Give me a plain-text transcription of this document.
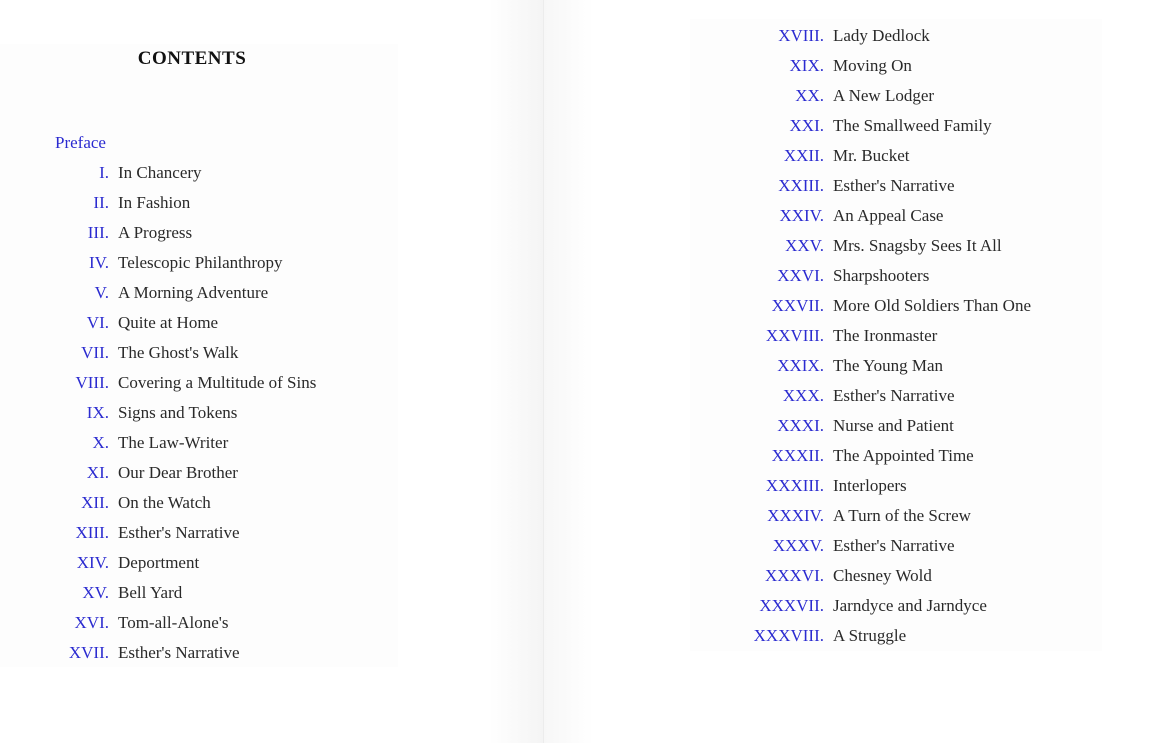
CONTENTS
Preface
I. In Chancery
II. In Fashion
III. A Progress
IV. Telescopic Philanthropy
V. A Morning Adventure
VI. Quite at Home
VII. The Ghost's Walk
VIII. Covering a Multitude of Sins
IX. Signs and Tokens
X. The Law-Writer
XI. Our Dear Brother
XII. On the Watch
XIII. Esther's Narrative
XIV. Deportment
XV. Bell Yard
XVI. Tom-all-Alone's
XVII. Esther's Narrative
XVIII. Lady Dedlock
XIX. Moving On
XX. A New Lodger
XXI. The Smallweed Family
XXII. Mr. Bucket
XXIII. Esther's Narrative
XXIV. An Appeal Case
XXV. Mrs. Snagsby Sees It All
XXVI. Sharpshooters
XXVII. More Old Soldiers Than One
XXVIII. The Ironmaster
XXIX. The Young Man
XXX. Esther's Narrative
XXXI. Nurse and Patient
XXXII. The Appointed Time
XXXIII. Interlopers
XXXIV. A Turn of the Screw
XXXV. Esther's Narrative
XXXVI. Chesney Wold
XXXVII. Jarndyce and Jarndyce
XXXVIII. A Struggle
